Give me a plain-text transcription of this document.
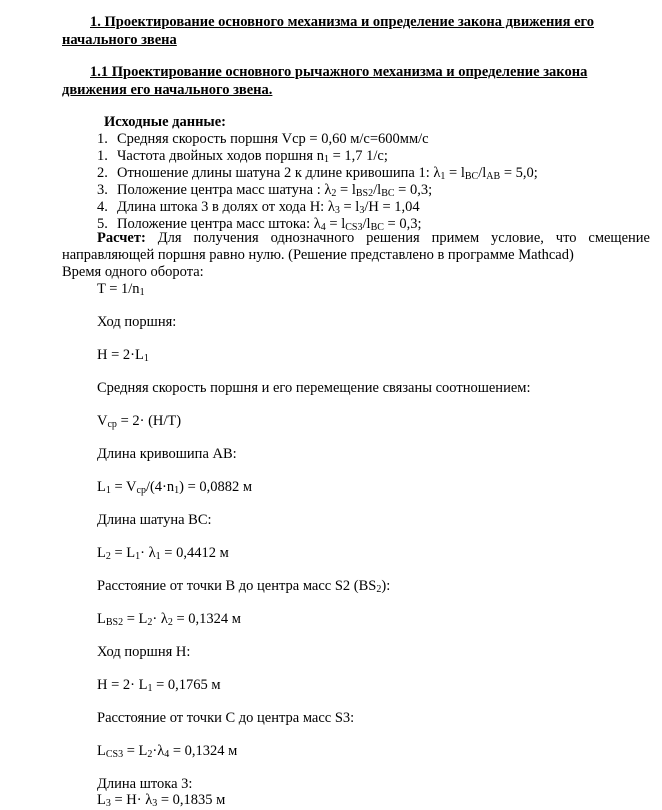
1. Проектирование основного механизма и определение закона движения его
начального звена
1.1 Проектирование основного рычажного механизма и определение закона
движения его начального звена.
Исходные данные:
1. Средняя скорость поршня Vcp = 0,60 м/с=600мм/с
1. Частота двойных ходов поршня $n_1 = 1,7$ 1/с;
2. Отношение длины шатуна 2 к длине кривошипа 1: $\lambda_1 = l_{BC}/l_{AB} = 5,0$;
3. Положение центра масс шатуна : $\lambda_2 = l_{BS2}/l_{BC} = 0,3$;
4. Длина штока 3 в долях от хода H: $\lambda_3 = l_3/H = 1,04$
5. Положение центра масс штока: $\lambda_4 = l_{CS3}/l_{BC} = 0,3$;
Расчет: Для получения однозначного решения примем условие, что смещение направляющей поршня равно нулю. (Решение представлено в программе Mathcad)
Время одного оборота:
$T = 1/n_1$
Ход поршня:
$H = 2\cdot L_1$
Средняя скорость поршня и его перемещение связаны соотношением:
$V_{ср} = 2\cdot (H/T)$
Длина кривошипа AB:
$L_1 = V_{ср}/(4\cdot n_1) = 0,0882$ м
Длина шатуна BC:
$L_2 = L_1\cdot \lambda_1 = 0,4412$ м
Расстояние от точки В до центра масс S2 $(BS_2)$:
$L_{BS2} = L_2\cdot \lambda_2 = 0,1324$ м
Ход поршня H:
$H = 2\cdot L_1 = 0,1765$ м
Расстояние от точки С до центра масс S3:
$L_{CS3} = L_2\cdot\lambda_4 = 0,1324$ м
Длина штока 3:
$L_3 = H\cdot \lambda_3 = 0,1835$ м
